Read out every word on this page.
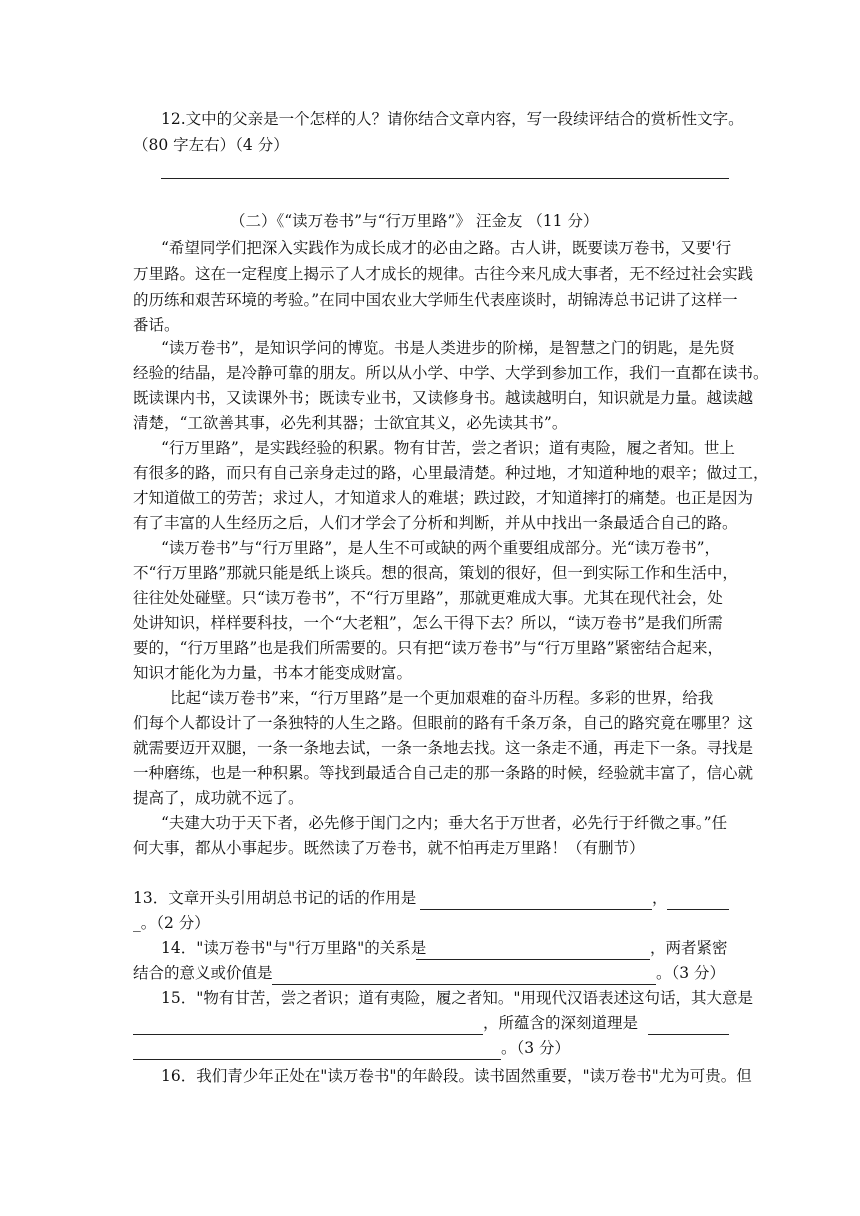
12.文中的父亲是一个怎样的人？请你结合文章内容，写一段续评结合的赏析性文字。
（80 字左右）（4 分）
（二）《“读万卷书”与“行万里路”》 汪金友 （11 分）
“希望同学们把深入实践作为成长成才的必由之路。古人讲，既要读万卷书，又要'行
万里路。这在一定程度上揭示了人才成长的规律。古往今来凡成大事者，无不经过社会实践
的历练和艰苦环境的考验。”在同中国农业大学师生代表座谈时，胡锦涛总书记讲了这样一
番话。
“读万卷书”，是知识学问的博览。书是人类进步的阶梯，是智慧之门的钥匙，是先贤
经验的结晶，是冷静可靠的朋友。所以从小学、中学、大学到参加工作，我们一直都在读书。
既读课内书，又读课外书；既读专业书，又读修身书。越读越明白，知识就是力量。越读越
清楚，“工欲善其事，必先利其器；士欲宜其义，必先读其书”。
“行万里路”，是实践经验的积累。物有甘苦，尝之者识；道有夷险，履之者知。世上
有很多的路，而只有自己亲身走过的路，心里最清楚。种过地，才知道种地的艰辛；做过工，
才知道做工的劳苦；求过人，才知道求人的难堪；跌过跤，才知道摔打的痛楚。也正是因为
有了丰富的人生经历之后，人们才学会了分析和判断，并从中找出一条最适合自己的路。
“读万卷书”与“行万里路”，是人生不可或缺的两个重要组成部分。光“读万卷书”，
不“行万里路”那就只能是纸上谈兵。想的很高，策划的很好，但一到实际工作和生活中，
往往处处碰壁。只“读万卷书”，不“行万里路”，那就更难成大事。尤其在现代社会，处
处讲知识，样样要科技，一个“大老粗”，怎么干得下去？所以，“读万卷书”是我们所需
要的，“行万里路”也是我们所需要的。只有把“读万卷书”与“行万里路”紧密结合起来，
知识才能化为力量，书本才能变成财富。
比起“读万卷书”来，“行万里路”是一个更加艰难的奋斗历程。多彩的世界，给我
们每个人都设计了一条独特的人生之路。但眼前的路有千条万条，自己的路究竟在哪里？这
就需要迈开双腿，一条一条地去试，一条一条地去找。这一条走不通，再走下一条。寻找是
一种磨练，也是一种积累。等找到最适合自己走的那一条路的时候，经验就丰富了，信心就
提高了，成功就不远了。
“夫建大功于天下者，必先修于闺门之内；垂大名于万世者，必先行于纤微之事。”任
何大事，都从小事起步。既然读了万卷书，就不怕再走万里路！（有删节）
13．文章开头引用胡总书记的话的作用是	，
_。（2 分）
14．"读万卷书"与"行万里路"的关系是	，两者紧密
结合的意义或价值是	。（3 分）
15．"物有甘苦，尝之者识；道有夷险，履之者知。"用现代汉语表述这句话，其大意是
，所蕴含的深刻道理是
。（3 分）
16．我们青少年正处在"读万卷书"的年龄段。读书固然重要，"读万卷书"尤为可贵。但
